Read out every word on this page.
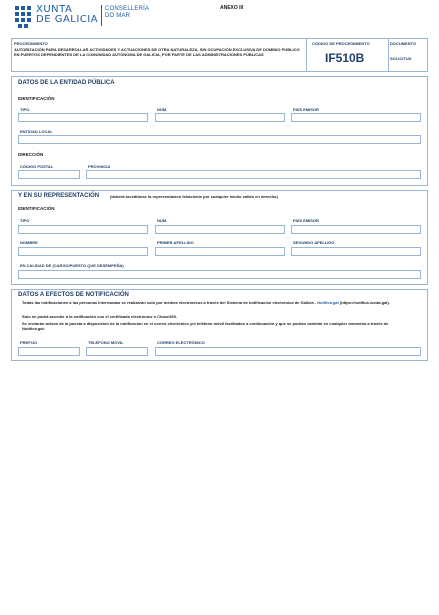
XUNTA
DE GALICIA
CONSELLERÍA
DO MAR
ANEXO III
PROCEDIMIENTO
AUTORIZACIÓN PARA DESARROLLAR ACTIVIDADES Y ACTUACIONES DE OTRA NATURALEZA, SIN OCUPACIÓN EXCLUSIVA DE DOMINIO PÚBLICO EN PUERTOS DEPENDIENTES DE LA COMUNIDAD AUTÓNOMA DE GALICIA, POR PARTE DE LAS ADMINISTRACIONES PÚBLICAS
CÓDIGO DE PROCEDIMIENTO
IF510B
DOCUMENTO
SOLICITUD
DATOS DE LA ENTIDAD PÚBLICA
IDENTIFICACIÓN
TIPO	NÚM.	PAÍS EMISOR
ENTIDAD LOCAL
DIRECCIÓN
CÓDIGO POSTAL	PROVINCIA
Y EN SU REPRESENTACIÓN	(deberá acreditarse la representación fehaciente por cualquier medio válido en derecho)
IDENTIFICACIÓN
TIPO	NÚM.	PAÍS EMISOR
NOMBRE	PRIMER APELLIDO	SEGUNDO APELLIDO
EN CALIDAD DE (CARGO/PUESTO QUE DESEMPEÑA)
DATOS A EFECTOS DE NOTIFICACIÓN
Todas las notificaciones a las personas interesadas se realizarán solo por medios electrónicos a través del Sistema de notificación electrónica de Galicia - Notifica.gal (https://notifica.xunta.gal).
Solo se podrá acceder a la notificación con el certificado electrónico o Chave365.
Se enviarán avisos de la puesta a disposición de la notificación en el correo electrónico y/o teléfono móvil facilitados a continuación y que se podrán cambiar en cualquier momento a través de Notifica.gal:
PREFIJO	TELÉFONO MÓVIL	CORREO ELECTRÓNICO
